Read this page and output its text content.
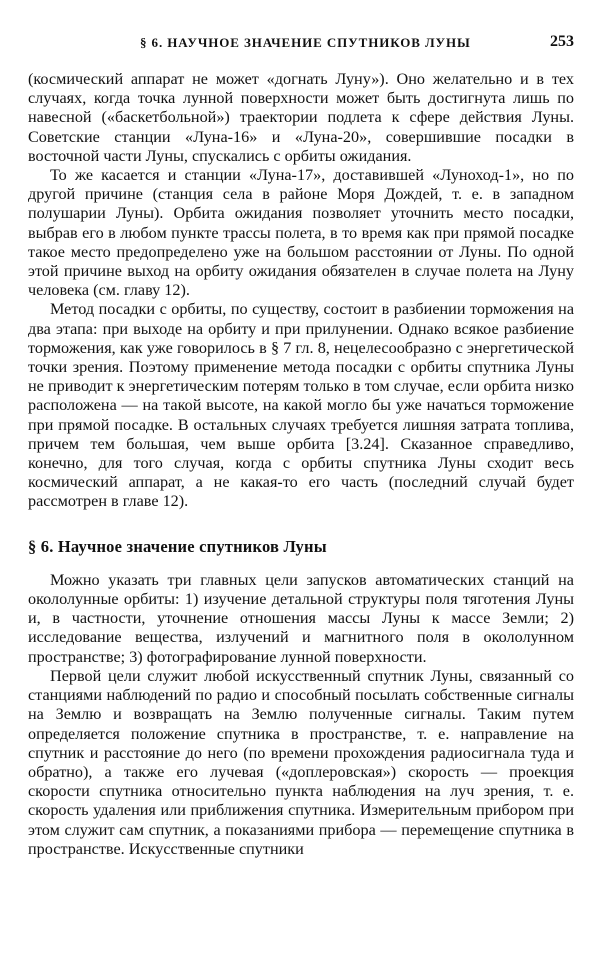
§ 6. НАУЧНОЕ ЗНАЧЕНИЕ СПУТНИКОВ ЛУНЫ	253

(космический аппарат не может «догнать Луну»). Оно желательно и в тех случаях, когда точка лунной поверхности может быть достигнута лишь по навесной («баскетбольной») траектории подлета к сфере действия Луны. Советские станции «Луна-16» и «Луна-20», совершившие посадки в восточной части Луны, спускались с орбиты ожидания.

То же касается и станции «Луна-17», доставившей «Луноход-1», но по другой причине (станция села в районе Моря Дождей, т. е. в западном полушарии Луны). Орбита ожидания позволяет уточнить место посадки, выбрав его в любом пункте трассы полета, в то время как при прямой посадке такое место предопределено уже на большом расстоянии от Луны. По одной этой причине выход на орбиту ожидания обязателен в случае полета на Луну человека (см. главу 12).

Метод посадки с орбиты, по существу, состоит в разбиении торможения на два этапа: при выходе на орбиту и при прилунении. Однако всякое разбиение торможения, как уже говорилось в § 7 гл. 8, нецелесообразно с энергетической точки зрения. Поэтому применение метода посадки с орбиты спутника Луны не приводит к энергетическим потерям только в том случае, если орбита низко расположена — на такой высоте, на какой могло бы уже начаться торможение при прямой посадке. В остальных случаях требуется лишняя затрата топлива, причем тем большая, чем выше орбита [3.24]. Сказанное справедливо, конечно, для того случая, когда с орбиты спутника Луны сходит весь космический аппарат, а не какая-то его часть (последний случай будет рассмотрен в главе 12).

§ 6. Научное значение спутников Луны

Можно указать три главных цели запусков автоматических станций на окололунные орбиты: 1) изучение детальной структуры поля тяготения Луны и, в частности, уточнение отношения массы Луны к массе Земли; 2) исследование вещества, излучений и магнитного поля в окололунном пространстве; 3) фотографирование лунной поверхности.

Первой цели служит любой искусственный спутник Луны, связанный со станциями наблюдений по радио и способный посылать собственные сигналы на Землю и возвращать на Землю полученные сигналы. Таким путем определяется положение спутника в пространстве, т. е. направление на спутник и расстояние до него (по времени прохождения радиосигнала туда и обратно), а также его лучевая («доплеровская») скорость — проекция скорости спутника относительно пункта наблюдения на луч зрения, т. е. скорость удаления или приближения спутника. Измерительным прибором при этом служит сам спутник, а показаниями прибора — перемещение спутника в пространстве. Искусственные спутники
